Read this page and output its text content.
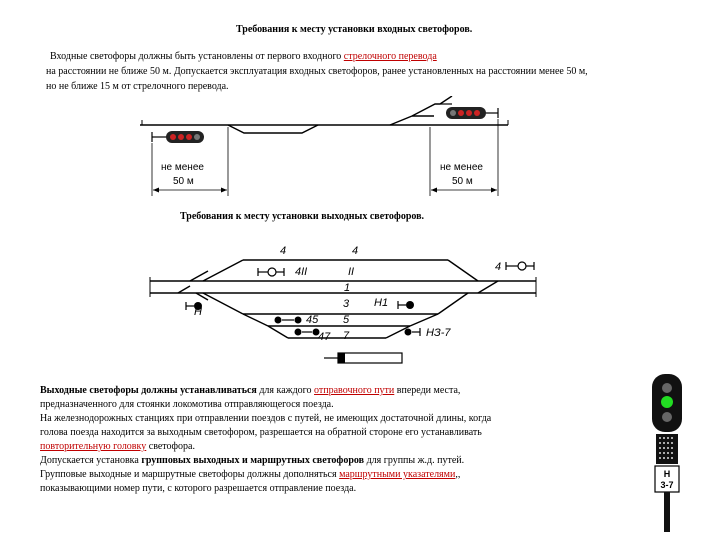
Требования к месту установки входных светофоров.
Входные светофоры должны быть установлены от первого входного стрелочного перевода
на расстоянии не ближе 50 м. Допускается эксплуатация входных светофоров, ранее установленных на расстоянии менее 50 м,
но не ближе 15 м от стрелочного перевода.
не менее
50 м
не менее
50 м
Требования к месту установки выходных светофоров.
4
4II
4
II	4
1
H1
H
3
45 5
HЗ-7
47 7
Выходные светофоры должны устанавливаться для каждого отправочного пути впереди места,
предназначенного для стоянки локомотива отправляющегося поезда.
На железнодорожных станциях при отправлении поездов с путей, не имеющих достаточной длины, когда
голова поезда находится за выходным светофором, разрешается на обратной стороне его устанавливать
повторительную головку светофора.
Допускается установка групповых выходных и маршрутных светофоров для группы ж.д. путей.
Групповые выходные и маршрутные светофоры должны дополняться маршрутными указателями,,
показывающими номер пути, с которого разрешается отправление поезда.
H
3-7
